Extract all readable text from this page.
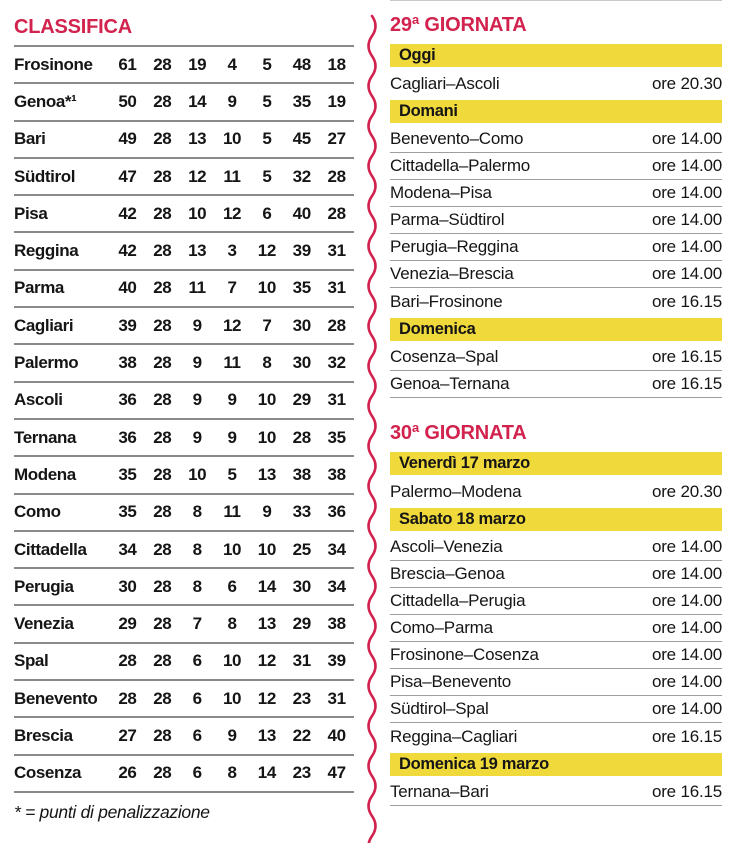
CLASSIFICA
Frosinone	61 28 19	4	5	48 18
Genoa*¹	50 28 14	9	5	35 19
Bari	49 28 13 10	5	45 27
Südtirol	47 28 12	11	5	32 28
Pisa	42 28 10 12	6	40 28
Reggina	42 28 13	3	12 39 31
Parma	40 28	11	7	10 35 31
Cagliari	39 28	9	12	7	30 28
Palermo	38 28	9	11	8	30 32
Ascoli	36 28	9	9	10 29 31
Ternana	36 28	9	9	10 28 35
Modena	35 28 10	5	13 38 38
Como	35 28	8	11	9	33 36
Cittadella	34 28	8	10 10 25 34
Perugia	30 28	8	6	14 30 34
Venezia	29 28	7	8	13 29 38
Spal	28 28	6	10 12 31 39
Benevento	28 28	6	10 12 23 31
Brescia	27 28	6	9	13 22 40
Cosenza	26 28	6	8	14 23 47
* = punti di penalizzazione
29ª GIORNATA
Oggi
Cagliari–Ascoli	ore 20.30
Domani
Benevento–Como	ore 14.00
Cittadella–Palermo	ore 14.00
Modena–Pisa	ore 14.00
Parma–Südtirol	ore 14.00
Perugia–Reggina	ore 14.00
Venezia–Brescia	ore 14.00
Bari–Frosinone	ore 16.15
Domenica
Cosenza–Spal	ore 16.15
Genoa–Ternana	ore 16.15
30ª GIORNATA
Venerdì 17 marzo
Palermo–Modena	ore 20.30
Sabato 18 marzo
Ascoli–Venezia	ore 14.00
Brescia–Genoa	ore 14.00
Cittadella–Perugia	ore 14.00
Como–Parma	ore 14.00
Frosinone–Cosenza	ore 14.00
Pisa–Benevento	ore 14.00
Südtirol–Spal	ore 14.00
Reggina–Cagliari	ore 16.15
Domenica 19 marzo
Ternana–Bari	ore 16.15
